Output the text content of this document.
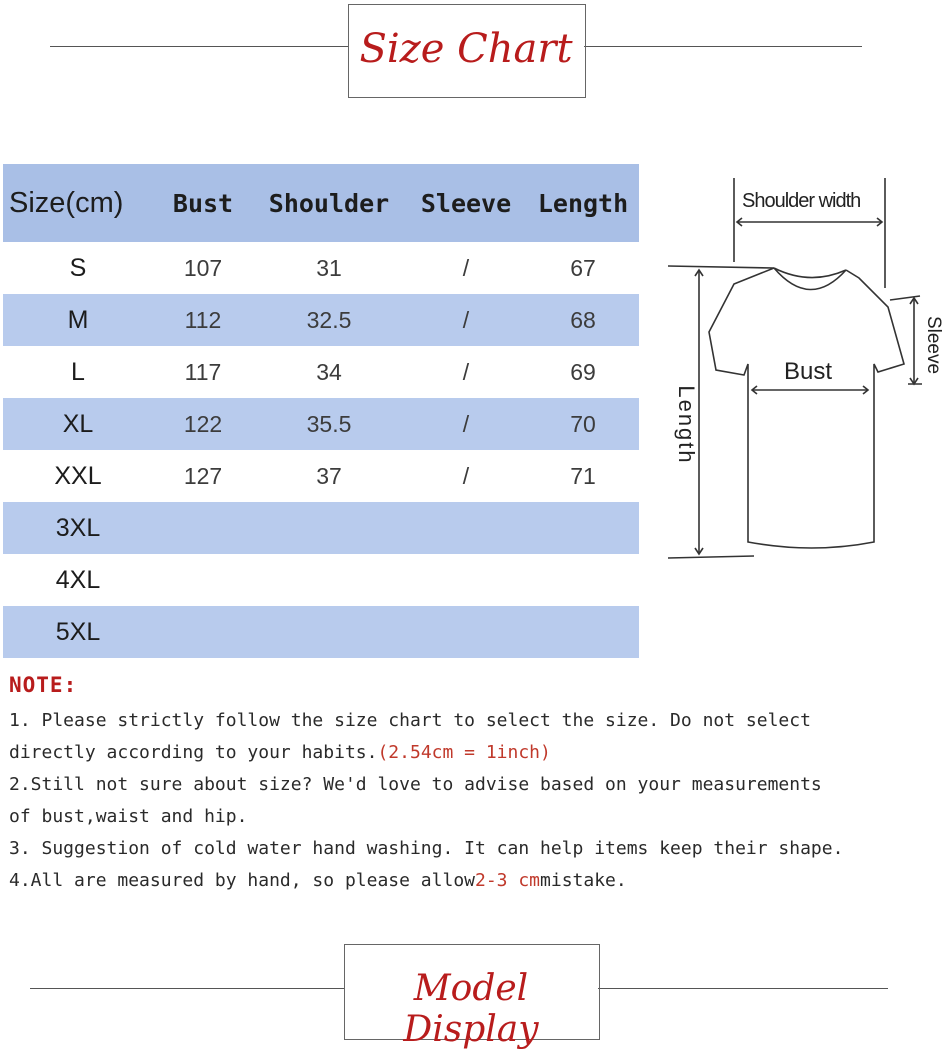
Size Chart
Size(cm)	Bust	Shoulder	Sleeve	Length
S	107	31	/	67
M	112	32.5	/	68
L	117	34	/	69
XL	122	35.5	/	70
XXL	127	37	/	71
3XL				
4XL				
5XL				
Shoulder width
Bust
Length
Sleeve
NOTE:
1. Please strictly follow the size chart to select the size. Do not select
directly according to your habits.(2.54cm = 1inch)
2.Still not sure about size? We'd love to advise based on your measurements
of bust,waist and hip.
3. Suggestion of cold water hand washing. It can help items keep their shape.
4.All are measured by hand, so please allow2-3 cmmistake.
Model Display
